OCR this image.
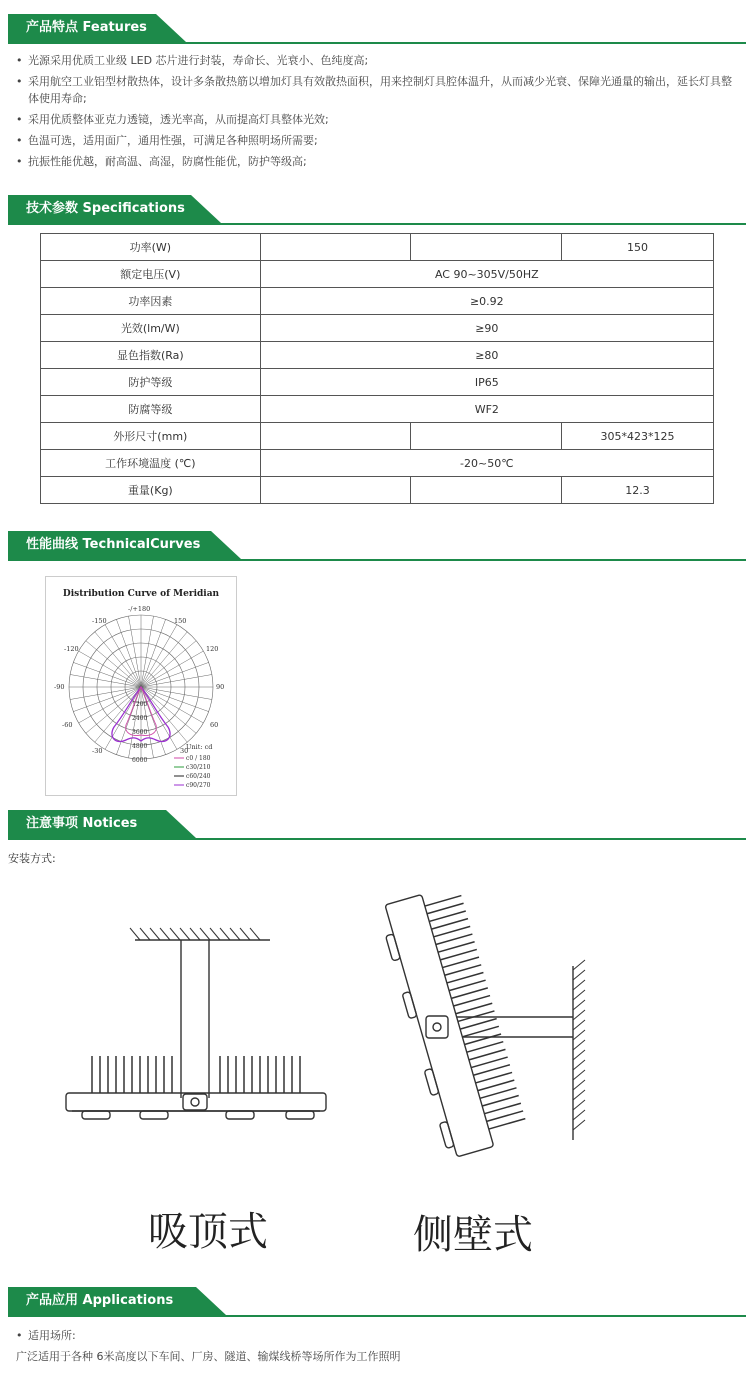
产品特点 Features
• 光源采用优质工业级 LED 芯片进行封装，寿命长、光衰小、色纯度高;
• 采用航空工业铝型材散热体，设计多条散热筋以增加灯具有效散热面积，用来控制灯具腔体温升，从而减少光衰、保障光通量的输出，延长灯具整体使用寿命;
• 采用优质整体亚克力透镜，透光率高，从而提高灯具整体光效;
• 色温可选，适用面广，通用性强，可满足各种照明场所需要;
• 抗振性能优越，耐高温、高湿，防腐性能优，防护等级高;
技术参数 Specifications
功率(W)			150
额定电压(V)	AC 90~305V/50HZ		
功率因素	≥0.92		
光效(lm/W)	≥90		
显色指数(Ra)	≥80		
防护等级	IP65		
防腐等级	WF2		
外形尺寸(mm)			305*423*125
工作环境温度 (℃)	-20~50℃		
重量(Kg)			12.3
性能曲线 TechnicalCurves
Distribution Curve of Meridian
-/+180
-150	150
-120	120
-90	90
-60	60
-30	30
1200
2400
3600
4800
6000
Unit: cd
c0 / 180
c30/210
c60/240
c90/270
注意事项 Notices
安装方式:
吸顶式	侧壁式
产品应用 Applications
• 适用场所:
广泛适用于各种 6米高度以下车间、厂房、隧道、输煤线桥等场所作为工作照明
